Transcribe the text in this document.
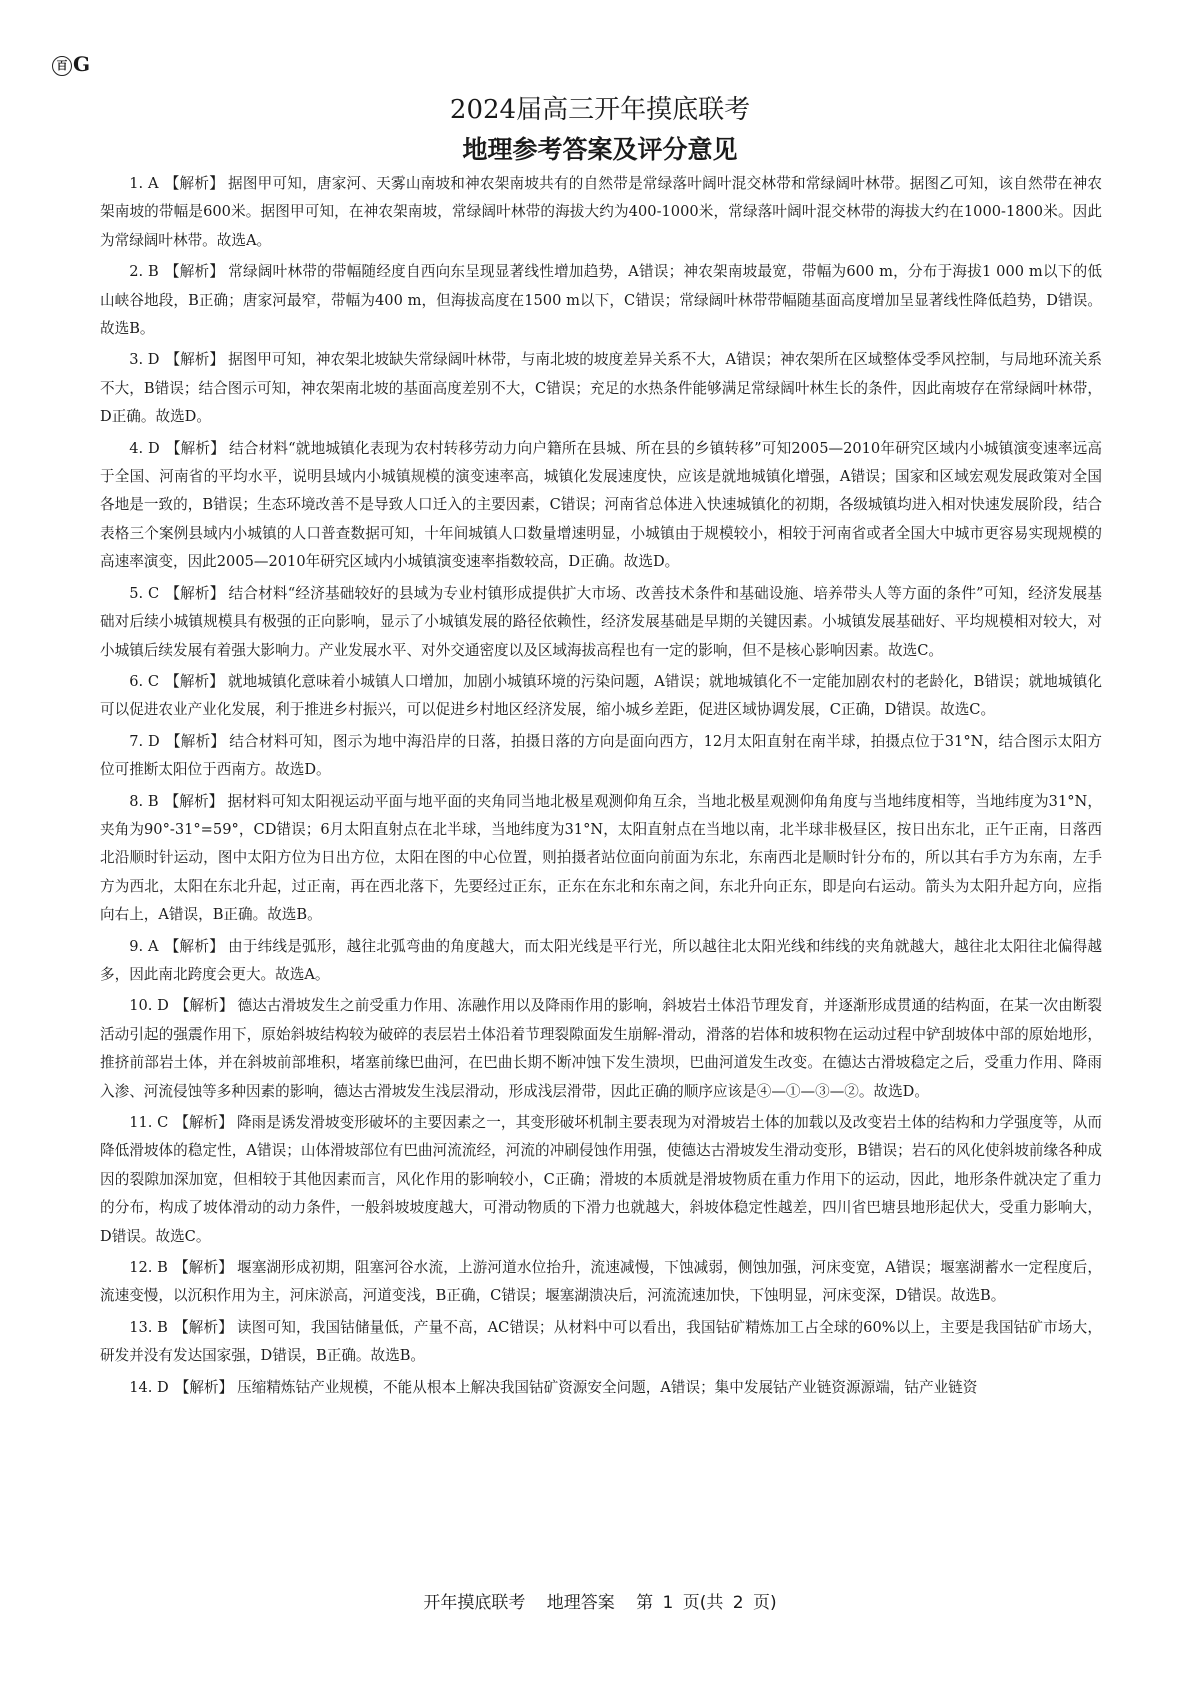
百 G
2024届高三开年摸底联考
地理参考答案及评分意见

1. A 【解析】 据图甲可知，唐家河、天雾山南坡和神农架南坡共有的自然带是常绿落叶阔叶混交林带和常绿阔叶林带。据图乙可知，该自然带在神农架南坡的带幅是600米。据图甲可知，在神农架南坡，常绿阔叶林带的海拔大约为400-1000米，常绿落叶阔叶混交林带的海拔大约在1000-1800米。因此为常绿阔叶林带。故选A。

2. B 【解析】 常绿阔叶林带的带幅随经度自西向东呈现显著线性增加趋势，A错误；神农架南坡最宽，带幅为600 m，分布于海拔1 000 m以下的低山峡谷地段，B正确；唐家河最窄，带幅为400 m，但海拔高度在1500 m以下，C错误；常绿阔叶林带带幅随基面高度增加呈显著线性降低趋势，D错误。故选B。

3. D 【解析】 据图甲可知，神农架北坡缺失常绿阔叶林带，与南北坡的坡度差异关系不大，A错误；神农架所在区域整体受季风控制，与局地环流关系不大，B错误；结合图示可知，神农架南北坡的基面高度差别不大，C错误；充足的水热条件能够满足常绿阔叶林生长的条件，因此南坡存在常绿阔叶林带，D正确。故选D。

4. D 【解析】 结合材料“就地城镇化表现为农村转移劳动力向户籍所在县城、所在县的乡镇转移”可知2005—2010年研究区域内小城镇演变速率远高于全国、河南省的平均水平，说明县域内小城镇规模的演变速率高，城镇化发展速度快，应该是就地城镇化增强，A错误；国家和区域宏观发展政策对全国各地是一致的，B错误；生态环境改善不是导致人口迁入的主要因素，C错误；河南省总体进入快速城镇化的初期，各级城镇均进入相对快速发展阶段，结合表格三个案例县域内小城镇的人口普查数据可知，十年间城镇人口数量增速明显，小城镇由于规模较小，相较于河南省或者全国大中城市更容易实现规模的高速率演变，因此2005—2010年研究区域内小城镇演变速率指数较高，D正确。故选D。

5. C 【解析】 结合材料“经济基础较好的县域为专业村镇形成提供扩大市场、改善技术条件和基础设施、培养带头人等方面的条件”可知，经济发展基础对后续小城镇规模具有极强的正向影响，显示了小城镇发展的路径依赖性，经济发展基础是早期的关键因素。小城镇发展基础好、平均规模相对较大，对小城镇后续发展有着强大影响力。产业发展水平、对外交通密度以及区域海拔高程也有一定的影响，但不是核心影响因素。故选C。

6. C 【解析】 就地城镇化意味着小城镇人口增加，加剧小城镇环境的污染问题，A错误；就地城镇化不一定能加剧农村的老龄化，B错误；就地城镇化可以促进农业产业化发展，利于推进乡村振兴，可以促进乡村地区经济发展，缩小城乡差距，促进区域协调发展，C正确，D错误。故选C。

7. D 【解析】 结合材料可知，图示为地中海沿岸的日落，拍摄日落的方向是面向西方，12月太阳直射在南半球，拍摄点位于31°N，结合图示太阳方位可推断太阳位于西南方。故选D。

8. B 【解析】 据材料可知太阳视运动平面与地平面的夹角同当地北极星观测仰角互余，当地北极星观测仰角角度与当地纬度相等，当地纬度为31°N，夹角为90°-31°=59°，CD错误；6月太阳直射点在北半球，当地纬度为31°N，太阳直射点在当地以南，北半球非极昼区，按日出东北，正午正南，日落西北沿顺时针运动，图中太阳方位为日出方位，太阳在图的中心位置，则拍摄者站位面向前面为东北，东南西北是顺时针分布的，所以其右手方为东南，左手方为西北，太阳在东北升起，过正南，再在西北落下，先要经过正东，正东在东北和东南之间，东北升向正东，即是向右运动。箭头为太阳升起方向，应指向右上，A错误，B正确。故选B。

9. A 【解析】 由于纬线是弧形，越往北弧弯曲的角度越大，而太阳光线是平行光，所以越往北太阳光线和纬线的夹角就越大，越往北太阳往北偏得越多，因此南北跨度会更大。故选A。

10. D 【解析】 德达古滑坡发生之前受重力作用、冻融作用以及降雨作用的影响，斜坡岩土体沿节理发育，并逐渐形成贯通的结构面，在某一次由断裂活动引起的强震作用下，原始斜坡结构较为破碎的表层岩土体沿着节理裂隙面发生崩解-滑动，滑落的岩体和坡积物在运动过程中铲刮坡体中部的原始地形，推挤前部岩土体，并在斜坡前部堆积，堵塞前缘巴曲河，在巴曲长期不断冲蚀下发生溃坝，巴曲河道发生改变。在德达古滑坡稳定之后，受重力作用、降雨入渗、河流侵蚀等多种因素的影响，德达古滑坡发生浅层滑动，形成浅层滑带，因此正确的顺序应该是④—①—③—②。故选D。

11. C 【解析】 降雨是诱发滑坡变形破坏的主要因素之一，其变形破坏机制主要表现为对滑坡岩土体的加载以及改变岩土体的结构和力学强度等，从而降低滑坡体的稳定性，A错误；山体滑坡部位有巴曲河流流经，河流的冲刷侵蚀作用强，使德达古滑坡发生滑动变形，B错误；岩石的风化使斜坡前缘各种成因的裂隙加深加宽，但相较于其他因素而言，风化作用的影响较小，C正确；滑坡的本质就是滑坡物质在重力作用下的运动，因此，地形条件就决定了重力的分布，构成了坡体滑动的动力条件，一般斜坡坡度越大，可滑动物质的下滑力也就越大，斜坡体稳定性越差，四川省巴塘县地形起伏大，受重力影响大，D错误。故选C。

12. B 【解析】 堰塞湖形成初期，阻塞河谷水流，上游河道水位抬升，流速减慢，下蚀减弱，侧蚀加强，河床变宽，A错误；堰塞湖蓄水一定程度后，流速变慢，以沉积作用为主，河床淤高，河道变浅，B正确，C错误；堰塞湖溃决后，河流流速加快，下蚀明显，河床变深，D错误。故选B。

13. B 【解析】 读图可知，我国钴储量低，产量不高，AC错误；从材料中可以看出，我国钴矿精炼加工占全球的60%以上，主要是我国钴矿市场大，研发并没有发达国家强，D错误，B正确。故选B。

14. D 【解析】 压缩精炼钴产业规模，不能从根本上解决我国钴矿资源安全问题，A错误；集中发展钴产业链资源源端，钴产业链资

开年摸底联考 地理答案 第 1 页(共 2 页)
